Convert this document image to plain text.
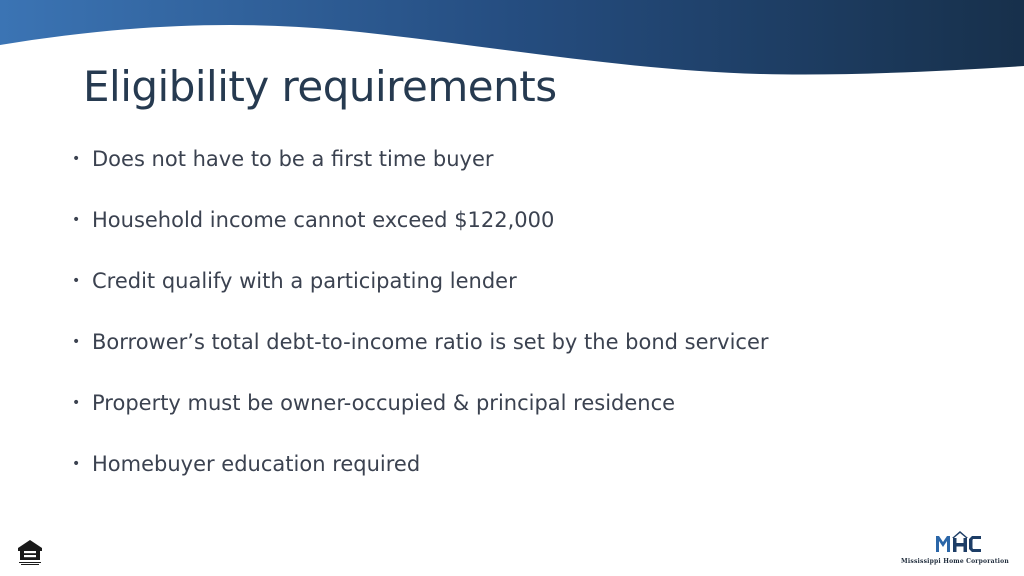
Eligibility requirements
• Does not have to be a first time buyer
• Household income cannot exceed $122,000
• Credit qualify with a participating lender
• Borrower’s total debt-to-income ratio is set by the bond servicer
• Property must be owner-occupied & principal residence
• Homebuyer education required
Mississippi Home Corporation
